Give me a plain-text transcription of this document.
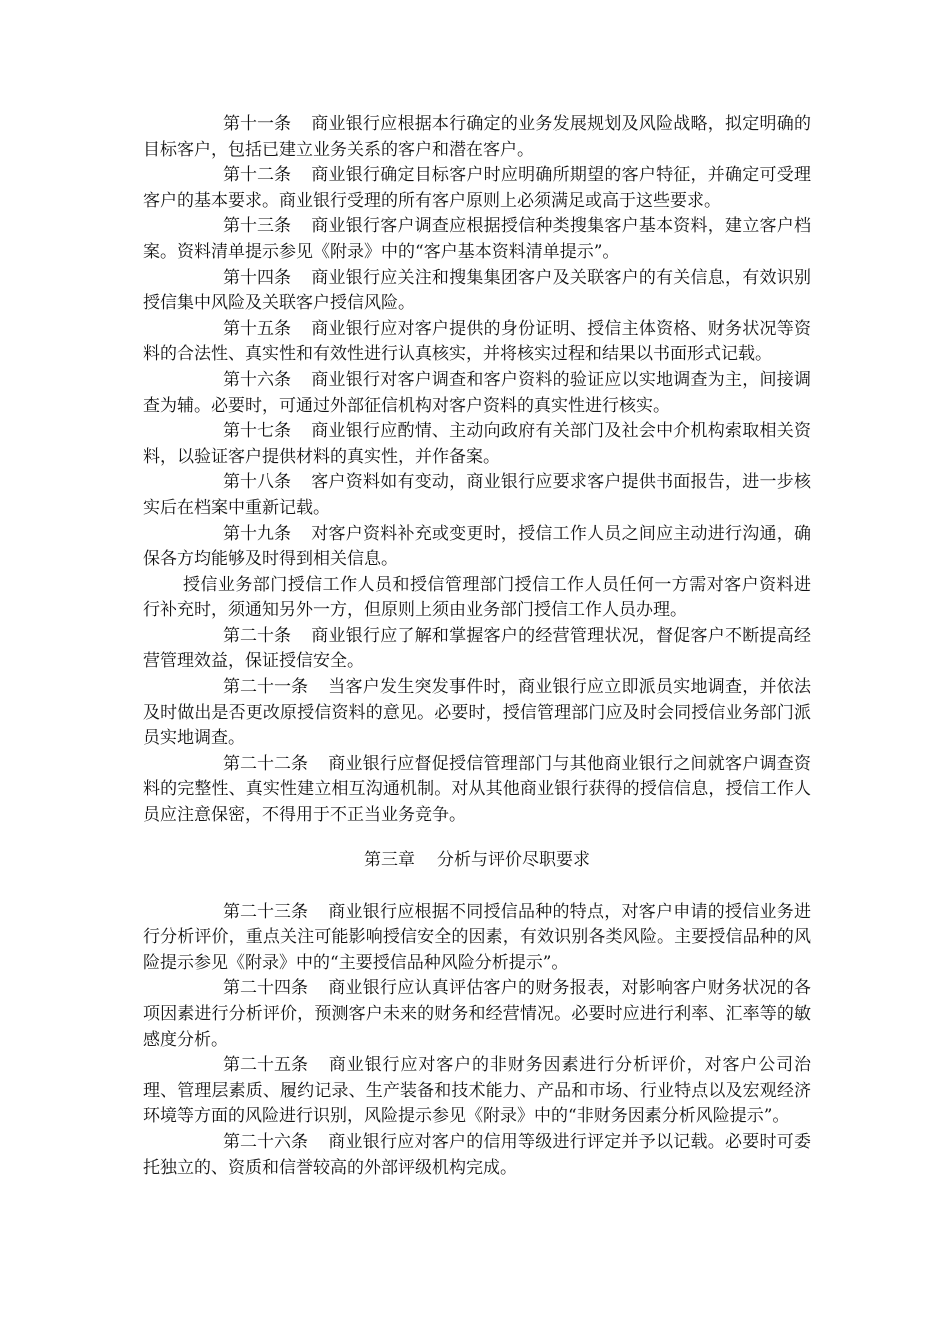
第十一条 商业银行应根据本行确定的业务发展规划及风险战略，拟定明确的目标客户，包括已建立业务关系的客户和潜在客户。

第十二条 商业银行确定目标客户时应明确所期望的客户特征，并确定可受理客户的基本要求。商业银行受理的所有客户原则上必须满足或高于这些要求。

第十三条 商业银行客户调查应根据授信种类搜集客户基本资料，建立客户档案。资料清单提示参见《附录》中的“客户基本资料清单提示”。

第十四条 商业银行应关注和搜集集团客户及关联客户的有关信息，有效识别授信集中风险及关联客户授信风险。

第十五条 商业银行应对客户提供的身份证明、授信主体资格、财务状况等资料的合法性、真实性和有效性进行认真核实，并将核实过程和结果以书面形式记载。

第十六条 商业银行对客户调查和客户资料的验证应以实地调查为主，间接调查为辅。必要时，可通过外部征信机构对客户资料的真实性进行核实。

第十七条 商业银行应酌情、主动向政府有关部门及社会中介机构索取相关资料，以验证客户提供材料的真实性，并作备案。

第十八条 客户资料如有变动，商业银行应要求客户提供书面报告，进一步核实后在档案中重新记载。

第十九条 对客户资料补充或变更时，授信工作人员之间应主动进行沟通，确保各方均能够及时得到相关信息。

授信业务部门授信工作人员和授信管理部门授信工作人员任何一方需对客户资料进行补充时，须通知另外一方，但原则上须由业务部门授信工作人员办理。

第二十条 商业银行应了解和掌握客户的经营管理状况，督促客户不断提高经营管理效益，保证授信安全。

第二十一条 当客户发生突发事件时，商业银行应立即派员实地调查，并依法及时做出是否更改原授信资料的意见。必要时，授信管理部门应及时会同授信业务部门派员实地调查。

第二十二条 商业银行应督促授信管理部门与其他商业银行之间就客户调查资料的完整性、真实性建立相互沟通机制。对从其他商业银行获得的授信信息，授信工作人员应注意保密，不得用于不正当业务竞争。

第三章 分析与评价尽职要求

第二十三条 商业银行应根据不同授信品种的特点，对客户申请的授信业务进行分析评价，重点关注可能影响授信安全的因素，有效识别各类风险。主要授信品种的风险提示参见《附录》中的“主要授信品种风险分析提示”。

第二十四条 商业银行应认真评估客户的财务报表，对影响客户财务状况的各项因素进行分析评价，预测客户未来的财务和经营情况。必要时应进行利率、汇率等的敏感度分析。

第二十五条 商业银行应对客户的非财务因素进行分析评价，对客户公司治理、管理层素质、履约记录、生产装备和技术能力、产品和市场、行业特点以及宏观经济环境等方面的风险进行识别，风险提示参见《附录》中的“非财务因素分析风险提示”。

第二十六条 商业银行应对客户的信用等级进行评定并予以记载。必要时可委托独立的、资质和信誉较高的外部评级机构完成。
